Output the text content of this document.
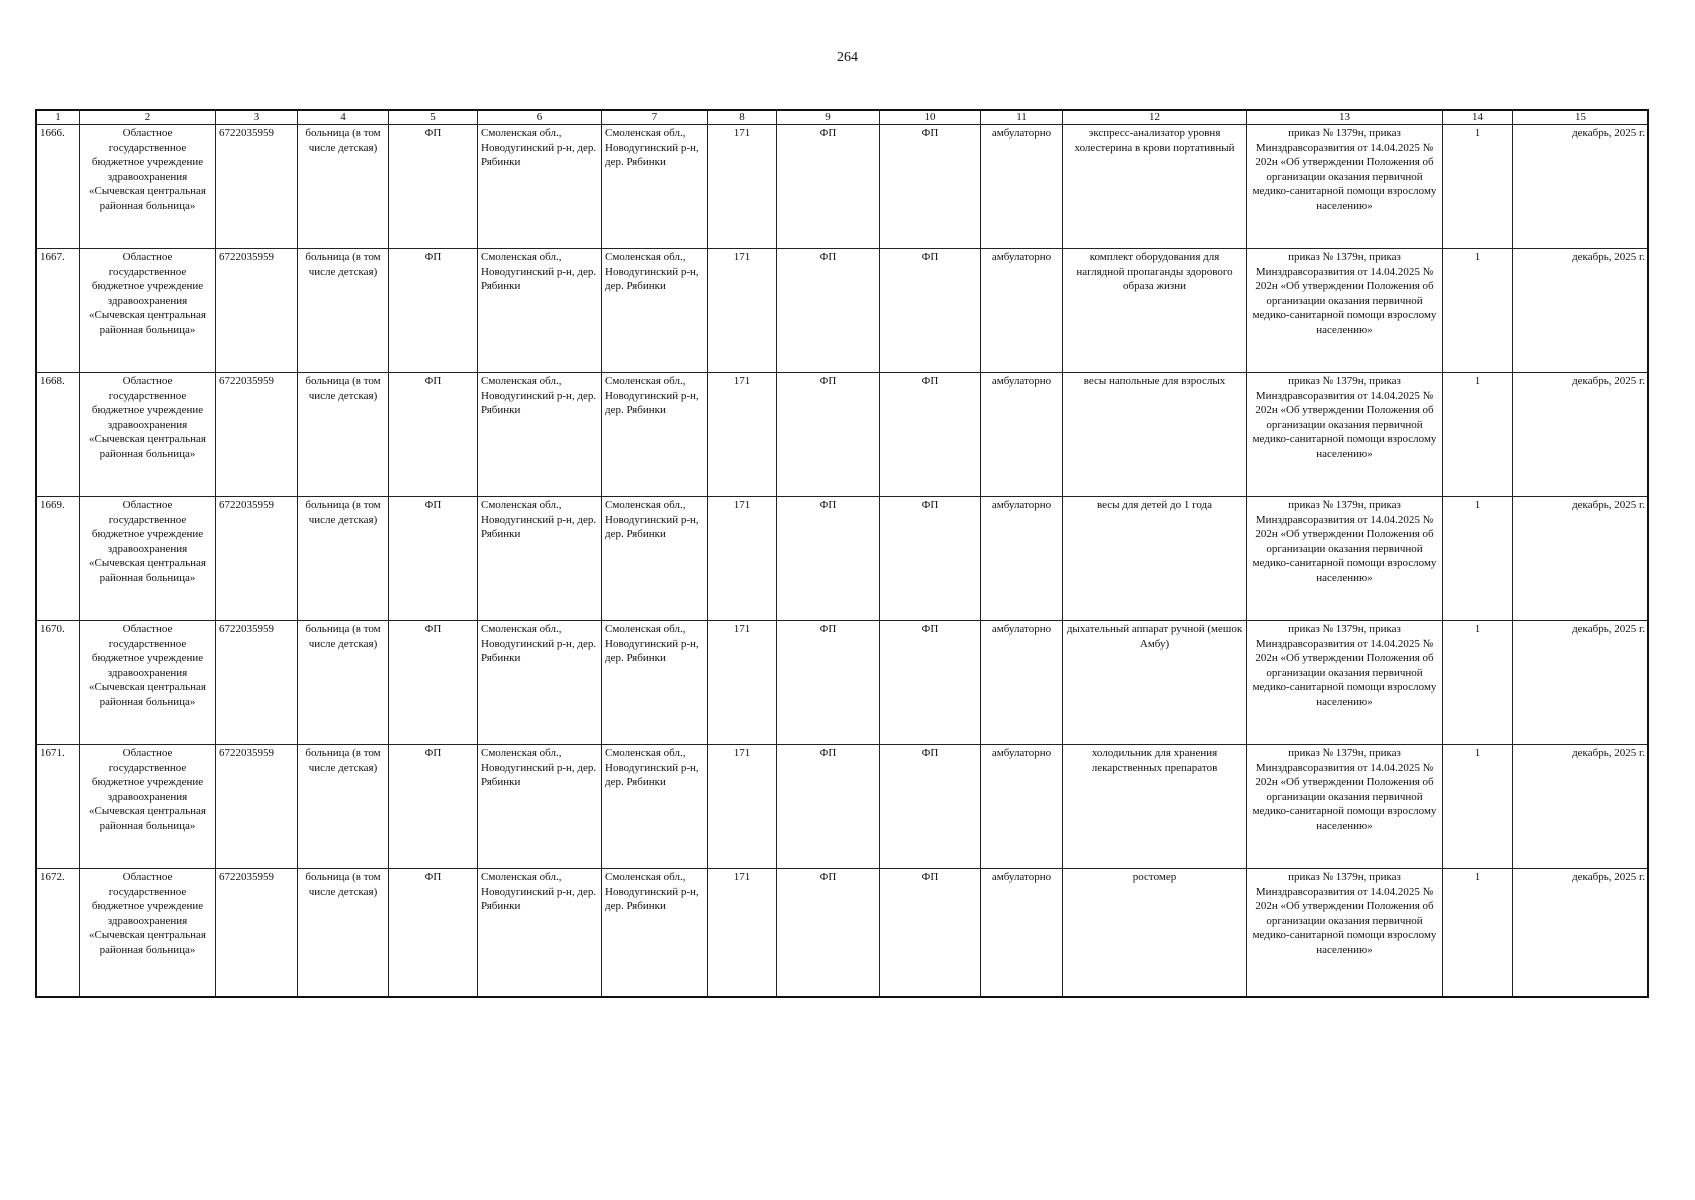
264
1	2	3	4	5	6	7	8	9	10	11	12	13	14	15
1666.	Областное государственное бюджетное учреждение здравоохранения «Сычевская центральная районная больница»	6722035959	больница (в том числе детская)	ФП	Смоленская обл., Новодугинский р-н, дер. Рябинки	Смоленская обл., Новодугинский р-н, дер. Рябинки	171	ФП	ФП	амбулаторно	экспресс-анализатор уровня холестерина в крови портативный	приказ № 1379н, приказ Минздравсоразвития от 14.04.2025 № 202н «Об утверждении Положения об организации оказания первичной медико-санитарной помощи взрослому населению»	1	декабрь, 2025 г.
1667.	Областное государственное бюджетное учреждение здравоохранения «Сычевская центральная районная больница»	6722035959	больница (в том числе детская)	ФП	Смоленская обл., Новодугинский р-н, дер. Рябинки	Смоленская обл., Новодугинский р-н, дер. Рябинки	171	ФП	ФП	амбулаторно	комплект оборудования для наглядной пропаганды здорового образа жизни	приказ № 1379н, приказ Минздравсоразвития от 14.04.2025 № 202н «Об утверждении Положения об организации оказания первичной медико-санитарной помощи взрослому населению»	1	декабрь, 2025 г.
1668.	Областное государственное бюджетное учреждение здравоохранения «Сычевская центральная районная больница»	6722035959	больница (в том числе детская)	ФП	Смоленская обл., Новодугинский р-н, дер. Рябинки	Смоленская обл., Новодугинский р-н, дер. Рябинки	171	ФП	ФП	амбулаторно	весы напольные для взрослых	приказ № 1379н, приказ Минздравсоразвития от 14.04.2025 № 202н «Об утверждении Положения об организации оказания первичной медико-санитарной помощи взрослому населению»	1	декабрь, 2025 г.
1669.	Областное государственное бюджетное учреждение здравоохранения «Сычевская центральная районная больница»	6722035959	больница (в том числе детская)	ФП	Смоленская обл., Новодугинский р-н, дер. Рябинки	Смоленская обл., Новодугинский р-н, дер. Рябинки	171	ФП	ФП	амбулаторно	весы для детей до 1 года	приказ № 1379н, приказ Минздравсоразвития от 14.04.2025 № 202н «Об утверждении Положения об организации оказания первичной медико-санитарной помощи взрослому населению»	1	декабрь, 2025 г.
1670.	Областное государственное бюджетное учреждение здравоохранения «Сычевская центральная районная больница»	6722035959	больница (в том числе детская)	ФП	Смоленская обл., Новодугинский р-н, дер. Рябинки	Смоленская обл., Новодугинский р-н, дер. Рябинки	171	ФП	ФП	амбулаторно	дыхательный аппарат ручной (мешок Амбу)	приказ № 1379н, приказ Минздравсоразвития от 14.04.2025 № 202н «Об утверждении Положения об организации оказания первичной медико-санитарной помощи взрослому населению»	1	декабрь, 2025 г.
1671.	Областное государственное бюджетное учреждение здравоохранения «Сычевская центральная районная больница»	6722035959	больница (в том числе детская)	ФП	Смоленская обл., Новодугинский р-н, дер. Рябинки	Смоленская обл., Новодугинский р-н, дер. Рябинки	171	ФП	ФП	амбулаторно	холодильник для хранения лекарственных препаратов	приказ № 1379н, приказ Минздравсоразвития от 14.04.2025 № 202н «Об утверждении Положения об организации оказания первичной медико-санитарной помощи взрослому населению»	1	декабрь, 2025 г.
1672.	Областное государственное бюджетное учреждение здравоохранения «Сычевская центральная районная больница»	6722035959	больница (в том числе детская)	ФП	Смоленская обл., Новодугинский р-н, дер. Рябинки	Смоленская обл., Новодугинский р-н, дер. Рябинки	171	ФП	ФП	амбулаторно	ростомер	приказ № 1379н, приказ Минздравсоразвития от 14.04.2025 № 202н «Об утверждении Положения об организации оказания первичной медико-санитарной помощи взрослому населению»	1	декабрь, 2025 г.
